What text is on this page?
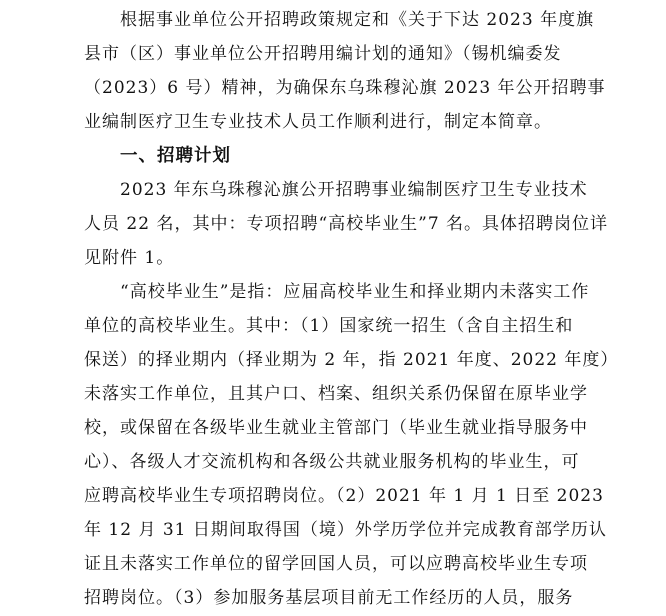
根据事业单位公开招聘政策规定和《关于下达 2023 年度旗
县市（区）事业单位公开招聘用编计划的通知》（锡机编委发
（2023）6 号）精神，为确保东乌珠穆沁旗 2023 年公开招聘事
业编制医疗卫生专业技术人员工作顺利进行，制定本简章。
一、招聘计划
2023 年东乌珠穆沁旗公开招聘事业编制医疗卫生专业技术
人员 22 名，其中：专项招聘“高校毕业生”7 名。具体招聘岗位详
见附件 1。
“高校毕业生”是指：应届高校毕业生和择业期内未落实工作
单位的高校毕业生。其中：（1）国家统一招生（含自主招生和
保送）的择业期内（择业期为 2 年，指 2021 年度、2022 年度）
未落实工作单位，且其户口、档案、组织关系仍保留在原毕业学
校，或保留在各级毕业生就业主管部门（毕业生就业指导服务中
心）、各级人才交流机构和各级公共就业服务机构的毕业生，可
应聘高校毕业生专项招聘岗位。（2）2021 年 1 月 1 日至 2023
年 12 月 31 日期间取得国（境）外学历学位并完成教育部学历认
证且未落实工作单位的留学回国人员，可以应聘高校毕业生专项
招聘岗位。（3）参加服务基层项目前无工作经历的人员，服务
